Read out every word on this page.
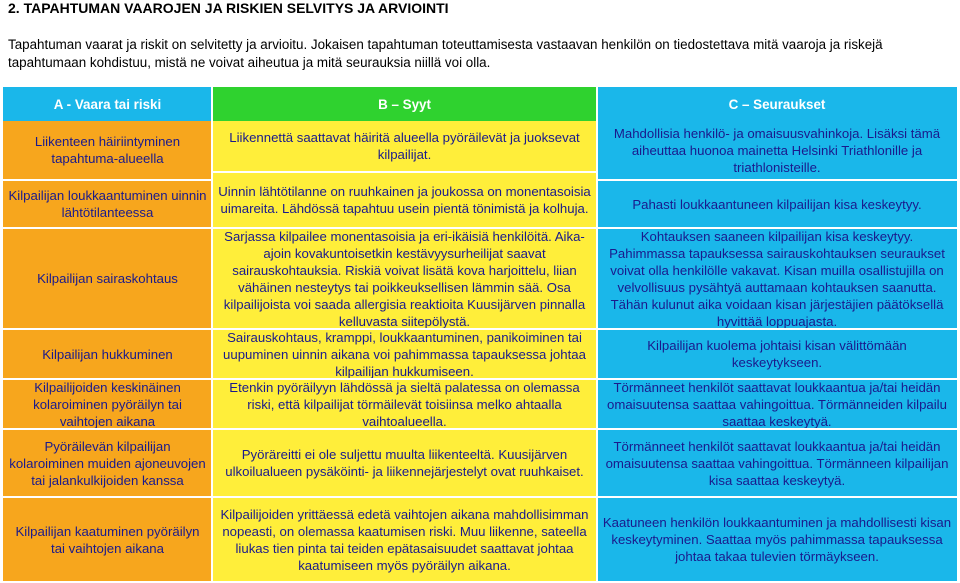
2. TAPAHTUMAN VAAROJEN JA RISKIEN SELVITYS JA ARVIOINTI
Tapahtuman vaarat ja riskit on selvitetty ja arvioitu. Jokaisen tapahtuman toteuttamisesta vastaavan henkilön on tiedostettava mitä vaaroja ja riskejä tapahtumaan kohdistuu, mistä ne voivat aiheutua ja mitä seurauksia niillä voi olla.
A - Vaara tai riski	B – Syyt	C – Seuraukset
Liikenteen häiriintyminen tapahtuma-alueella
Kilpailijan loukkaantuminen uinnin lähtötilanteessa
Kilpailijan sairaskohtaus
Kilpailijan hukkuminen
Kilpailijoiden keskinäinen kolaroiminen pyöräilyn tai vaihtojen aikana
Pyöräilevän kilpailijan kolaroiminen muiden ajoneuvojen tai jalankulkijoiden kanssa
Kilpailijan kaatuminen pyöräilyn tai vaihtojen aikana
Liikennettä saattavat häiritä alueella pyöräilevät ja juoksevat kilpailijat.
Uinnin lähtötilanne on ruuhkainen ja joukossa on monentasoisia uimareita. Lähdössä tapahtuu usein pientä tönimistä ja kolhuja.
Sarjassa kilpailee monentasoisia ja eri-ikäisiä henkilöitä. Aika-ajoin kovakuntoisetkin kestävyysurheilijat saavat sairauskohtauksia. Riskiä voivat lisätä kova harjoittelu, liian vähäinen nesteytys tai poikkeuksellisen lämmin sää. Osa kilpailijoista voi saada allergisia reaktioita Kuusijärven pinnalla kelluvasta siitepölystä.
Sairauskohtaus, kramppi, loukkaantuminen, panikoiminen tai uupuminen uinnin aikana voi pahimmassa tapauksessa johtaa kilpailijan hukkumiseen.
Etenkin pyöräilyyn lähdössä ja sieltä palatessa on olemassa riski, että kilpailijat törmäilevät toisiinsa melko ahtaalla vaihtoalueella.
Pyöräreitti ei ole suljettu muulta liikenteeltä. Kuusijärven ulkoilualueen pysäköinti- ja liikennejärjestelyt ovat ruuhkaiset.
Kilpailijoiden yrittäessä edetä vaihtojen aikana mahdollisimman nopeasti, on olemassa kaatumisen riski. Muu liikenne, sateella liukas tien pinta tai teiden epätasaisuudet saattavat johtaa kaatumiseen myös pyöräilyn aikana.
Mahdollisia henkilö- ja omaisuusvahinkoja. Lisäksi tämä aiheuttaa huonoa mainetta Helsinki Triathlonille ja triathlonisteille.
Pahasti loukkaantuneen kilpailijan kisa keskeytyy.
Kohtauksen saaneen kilpailijan kisa keskeytyy. Pahimmassa tapauksessa sairauskohtauksen seuraukset voivat olla henkilölle vakavat. Kisan muilla osallistujilla on velvollisuus pysähtyä auttamaan kohtauksen saanutta. Tähän kulunut aika voidaan kisan järjestäjien päätöksellä hyvittää loppuajasta.
Kilpailijan kuolema johtaisi kisan välittömään keskeytykseen.
Törmänneet henkilöt saattavat loukkaantua ja/tai heidän omaisuutensa saattaa vahingoittua. Törmänneiden kilpailu saattaa keskeytyä.
Törmänneet henkilöt saattavat loukkaantua ja/tai heidän omaisuutensa saattaa vahingoittua. Törmänneen kilpailijan kisa saattaa keskeytyä.
Kaatuneen henkilön loukkaantuminen ja mahdollisesti kisan keskeytyminen. Saattaa myös pahimmassa tapauksessa johtaa takaa tulevien törmäykseen.
